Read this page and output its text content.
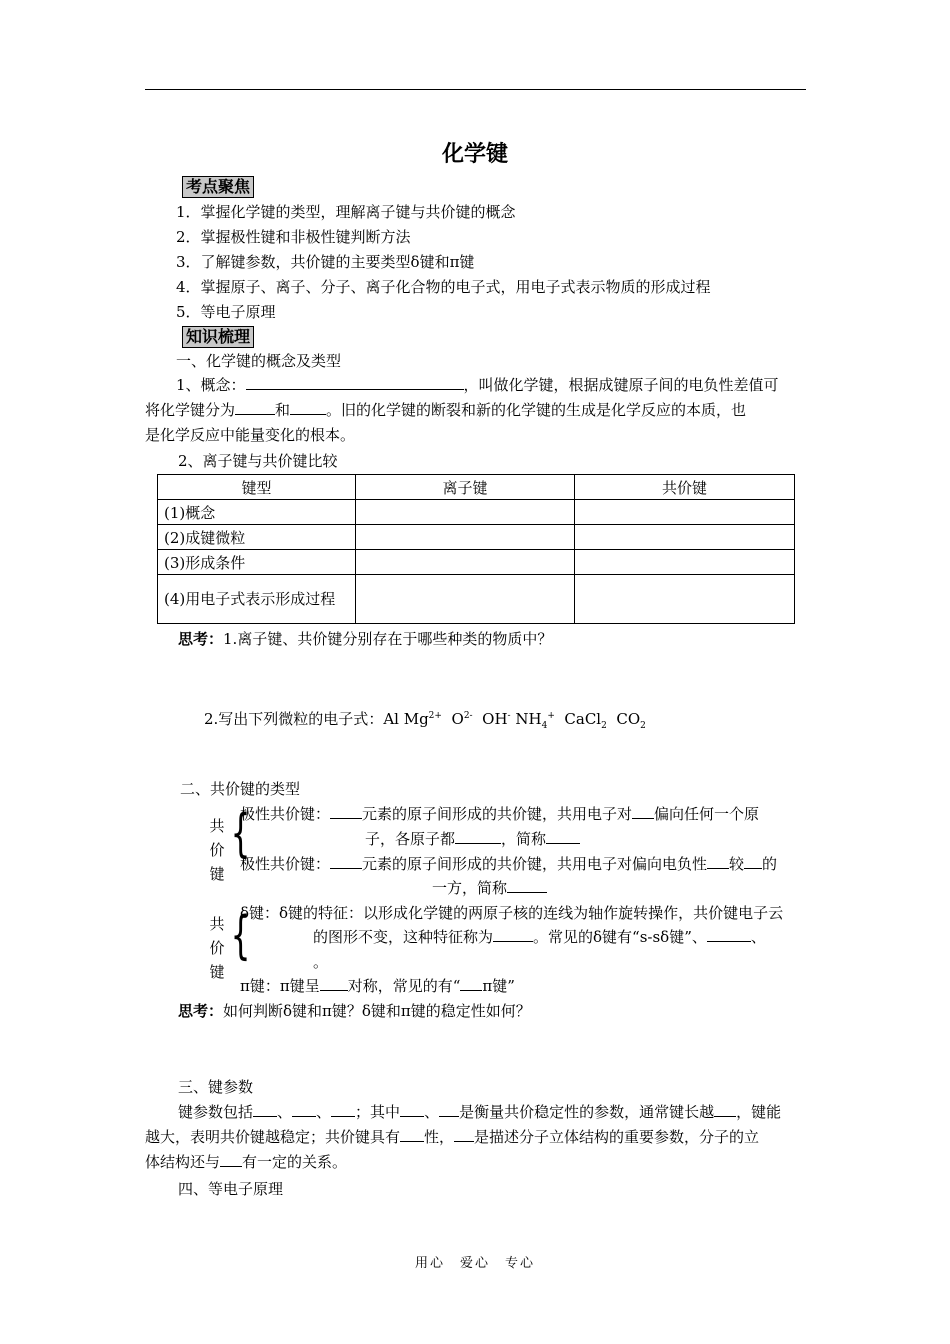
化学键
考点聚焦
1．掌握化学键的类型，理解离子键与共价键的概念
2．掌握极性键和非极性键判断方法
3．了解键参数，共价键的主要类型δ键和π键
4．掌握原子、离子、分子、离子化合物的电子式，用电子式表示物质的形成过程
5．等电子原理
知识梳理
一、化学键的概念及类型
1、概念：	，叫做化学键，根据成键原子间的电负性差值可
将化学键分为	和 。旧的化学键的断裂和新的化学键的生成是化学反应的本质，也
是化学反应中能量变化的根本。
2、离子键与共价键比较
键型	离子键	共价键
(1)概念		
(2)成键微粒		
(3)形成条件		
(4)用电子式表示形成过程		
思考：1.离子键、共价键分别存在于哪些种类的物质中？
2.写出下列微粒的电子式：Al $Mg^{2+}$ $O^{2-}$ OH- $NH_4^+$ CaCl$_2$ $CO_2$
二、共价键的类型
共
价
键
{
极性共价键： 元素的原子间形成的共价键，共用电子对 偏向任何一个原
子，各原子都	，简称
极性共价键： 元素的原子间形成的共价键，共用电子对偏向电负性 较 的
一方，简称
共
价
键
{
δ键：δ键的特征：以形成化学键的两原子核的连线为轴作旋转操作，共价键电子云
的图形不变，这种特征称为	。常见的δ键有“s-sδ键”、	、
。
π键：π键呈 对称，常见的有“ π键”
思考：如何判断δ键和π键？δ键和π键的稳定性如何？
三、键参数
键参数包括 、 、 ；其中 、 是衡量共价稳定性的参数，通常键长越 ，键能
越大，表明共价键越稳定；共价键具有 性， 是描述分子立体结构的重要参数，分子的立
体结构还与 有一定的关系。
四、等电子原理
用心　爱心　专心
